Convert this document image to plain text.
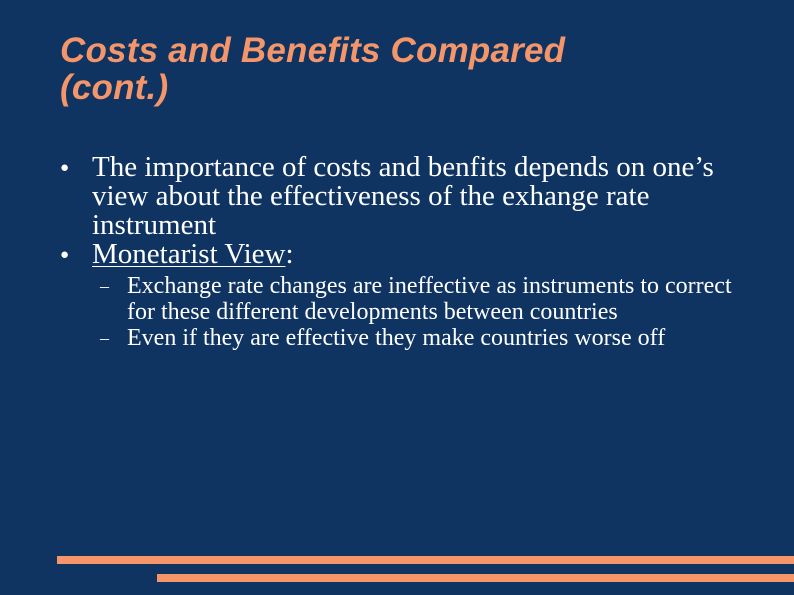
Costs and Benefits Compared
(cont.)
● The importance of costs and benfits depends on one’s view about the effectiveness of the exhange rate instrument
● Monetarist View:
– Exchange rate changes are ineffective as instruments to correct for these different developments between countries
– Even if they are effective they make countries worse off
